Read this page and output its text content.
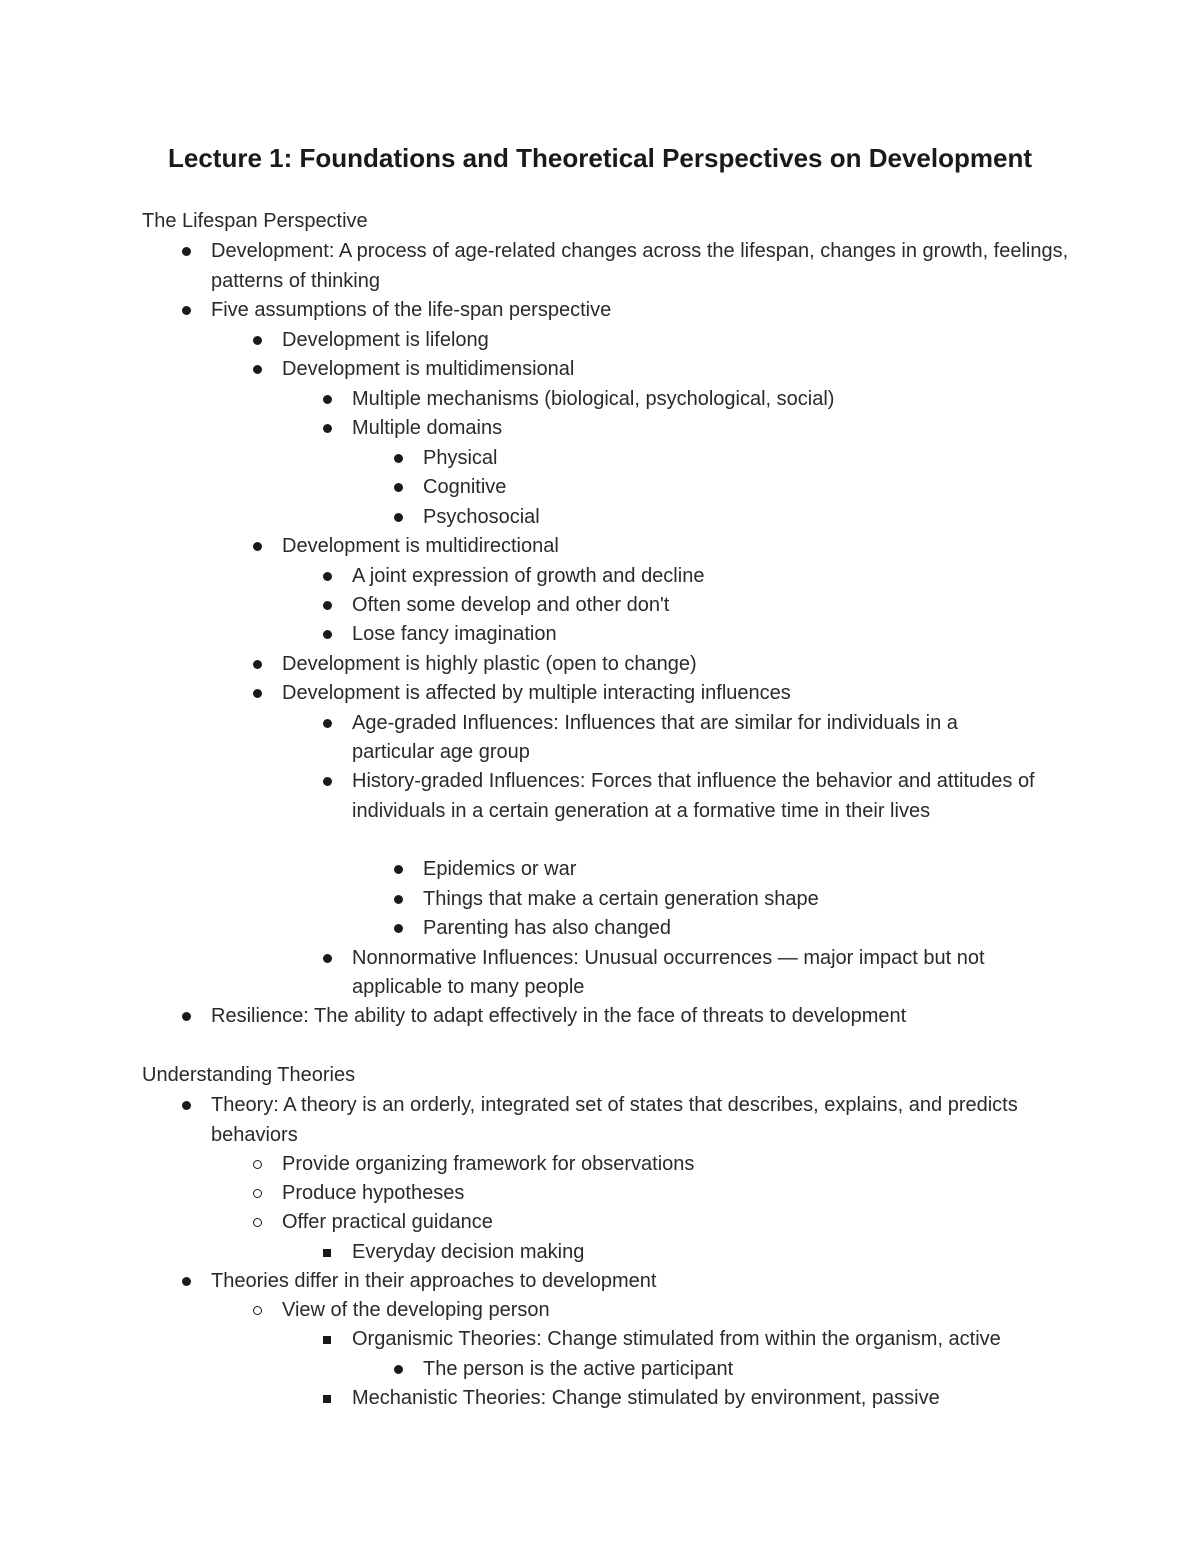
Lecture 1: Foundations and Theoretical Perspectives on Development

The Lifespan Perspective

Development: A process of age-related changes across the lifespan, changes in growth, feelings, patterns of thinking
Five assumptions of the life-span perspective
Development is lifelong
Development is multidimensional
Multiple mechanisms (biological, psychological, social)
Multiple domains
Physical
Cognitive
Psychosocial
Development is multidirectional
A joint expression of growth and decline
Often some develop and other don't
Lose fancy imagination
Development is highly plastic (open to change)
Development is affected by multiple interacting influences
Age-graded Influences: Influences that are similar for individuals in a particular age group
History-graded Influences: Forces that influence the behavior and attitudes of individuals in a certain generation at a formative time in their lives
Epidemics or war
Things that make a certain generation shape
Parenting has also changed
Nonnormative Influences: Unusual occurrences — major impact but not applicable to many people
Resilience: The ability to adapt effectively in the face of threats to development

Understanding Theories

Theory: A theory is an orderly, integrated set of states that describes, explains, and predicts behaviors
Provide organizing framework for observations
Produce hypotheses
Offer practical guidance
Everyday decision making
Theories differ in their approaches to development
View of the developing person
Organismic Theories: Change stimulated from within the organism, active
The person is the active participant
Mechanistic Theories: Change stimulated by environment, passive
